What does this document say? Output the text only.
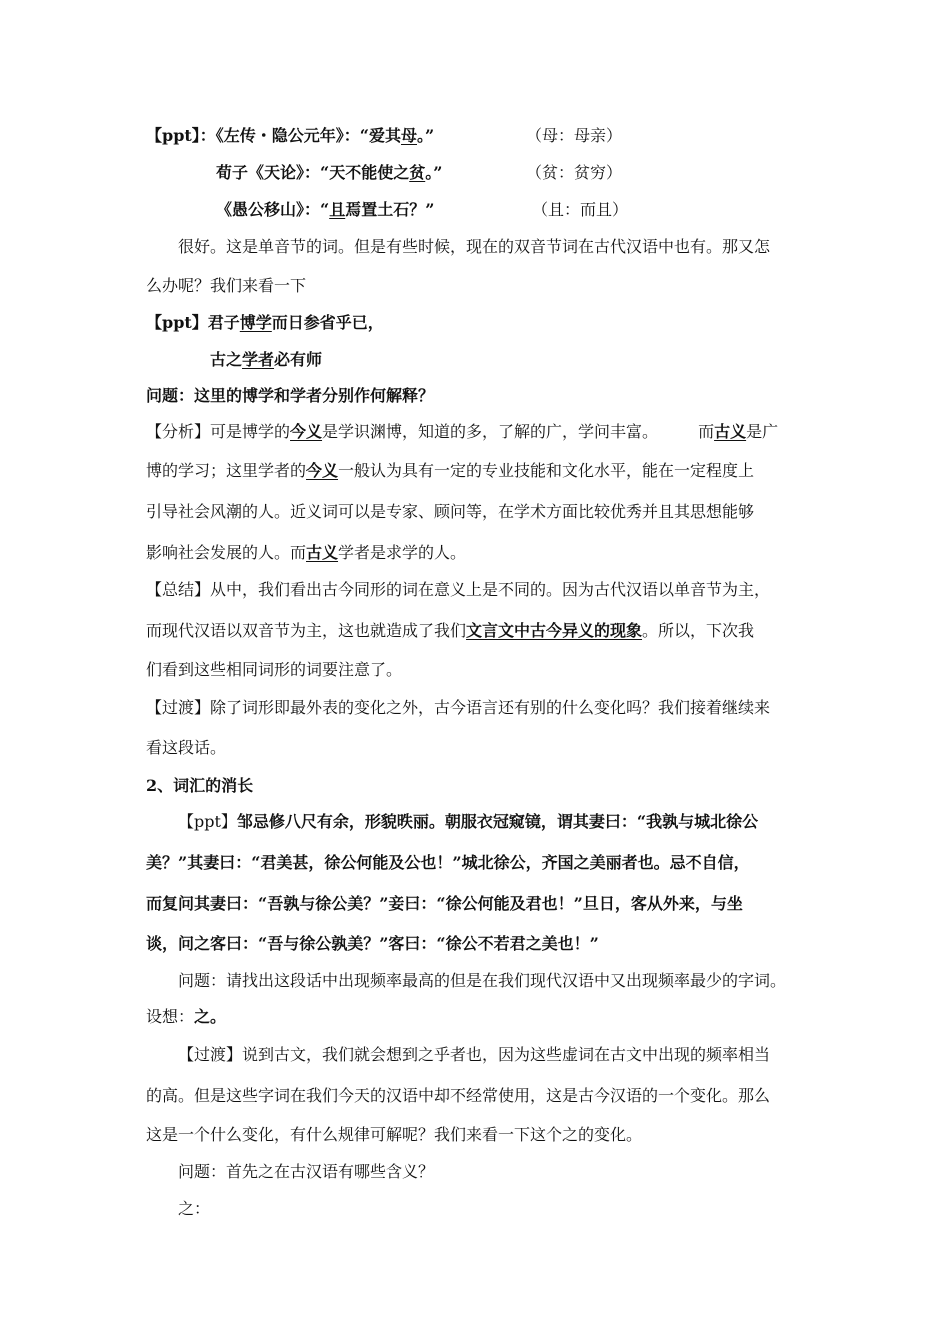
【ppt】：《左传・隐公元年》：“爱其母。”	（母：母亲）
荀子《天论》：“天不能使之贫。”	（贫：贫穷）
《愚公移山》：“且焉置土石？”	（且：而且）
很好。这是单音节的词。但是有些时候，现在的双音节词在古代汉语中也有。那又怎
么办呢？我们来看一下
【ppt】君子博学而日参省乎已，
古之学者必有师
问题：这里的博学和学者分别作何解释？
【分析】可是博学的今义是学识渊博，知道的多，了解的广，学问丰富。	而古义是广
博的学习；这里学者的今义一般认为具有一定的专业技能和文化水平，能在一定程度上
引导社会风潮的人。近义词可以是专家、顾问等，在学术方面比较优秀并且其思想能够
影响社会发展的人。而古义学者是求学的人。
【总结】从中，我们看出古今同形的词在意义上是不同的。因为古代汉语以单音节为主，
而现代汉语以双音节为主，这也就造成了我们文言文中古今异义的现象。所以，下次我
们看到这些相同词形的词要注意了。
【过渡】除了词形即最外表的变化之外，古今语言还有别的什么变化吗？我们接着继续来
看这段话。
2、词汇的消长
【ppt】邹忌修八尺有余，形貌昳丽。朝服衣冠窥镜，谓其妻曰：“我孰与城北徐公
美？”其妻曰：“君美甚，徐公何能及公也！”城北徐公，齐国之美丽者也。忌不自信，
而复问其妻曰：“吾孰与徐公美？”妾曰：“徐公何能及君也！”旦日，客从外来，与坐
谈，问之客曰：“吾与徐公孰美？”客曰：“徐公不若君之美也！”
问题：请找出这段话中出现频率最高的但是在我们现代汉语中又出现频率最少的字词。
设想：之。
【过渡】说到古文，我们就会想到之乎者也，因为这些虚词在古文中出现的频率相当
的高。但是这些字词在我们今天的汉语中却不经常使用，这是古今汉语的一个变化。那么
这是一个什么变化，有什么规律可解呢？我们来看一下这个之的变化。
问题：首先之在古汉语有哪些含义？
之：
